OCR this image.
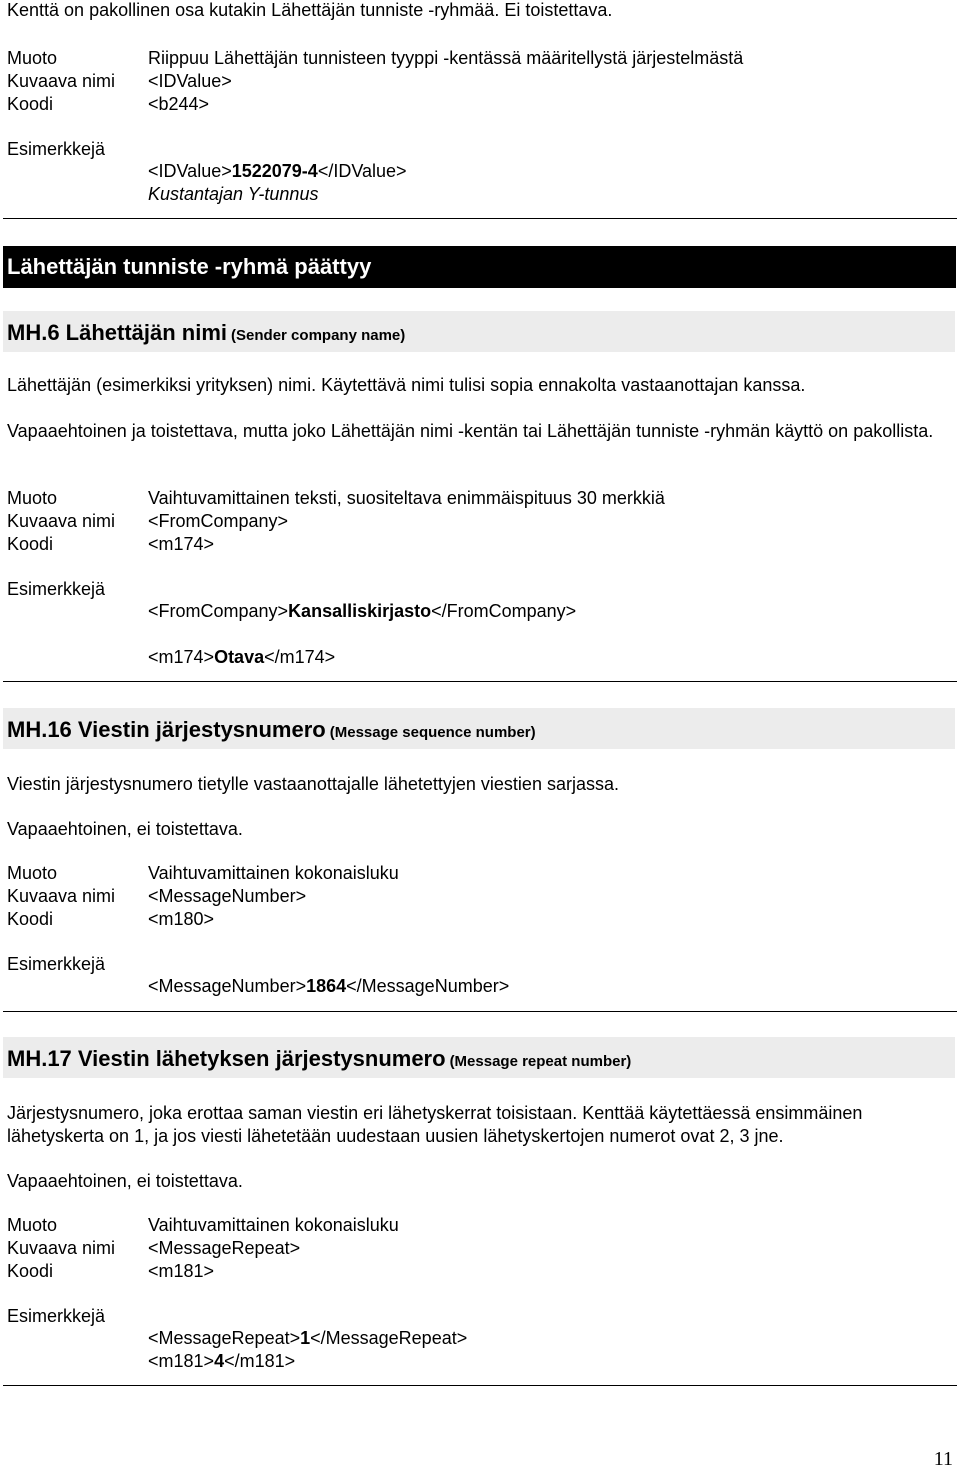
Kenttä on pakollinen osa kutakin Lähettäjän tunniste -ryhmää. Ei toistettava.
Muoto	Riippuu Lähettäjän tunnisteen tyyppi -kentässä määritellystä järjestelmästä
Kuvaava nimi <IDValue>
Koodi	<b244>
Esimerkkejä
<IDValue>1522079-4</IDValue>
Kustantajan Y-tunnus
Lähettäjän tunniste -ryhmä päättyy
MH.6 Lähettäjän nimi (Sender company name)
Lähettäjän (esimerkiksi yrityksen) nimi. Käytettävä nimi tulisi sopia ennakolta vastaanottajan kanssa.
Vapaaehtoinen ja toistettava, mutta joko Lähettäjän nimi -kentän tai Lähettäjän tunniste -ryhmän käyttö on pakollista.
Muoto	Vaihtuvamittainen teksti, suositeltava enimmäispituus 30 merkkiä
Kuvaava nimi <FromCompany>
Koodi	<m174>
Esimerkkejä
<FromCompany>Kansalliskirjasto</FromCompany>
<m174>Otava</m174>
MH.16 Viestin järjestysnumero (Message sequence number)
Viestin järjestysnumero tietylle vastaanottajalle lähetettyjen viestien sarjassa.
Vapaaehtoinen, ei toistettava.
Muoto	Vaihtuvamittainen kokonaisluku
Kuvaava nimi <MessageNumber>
Koodi	<m180>
Esimerkkejä
<MessageNumber>1864</MessageNumber>
MH.17 Viestin lähetyksen järjestysnumero (Message repeat number)
Järjestysnumero, joka erottaa saman viestin eri lähetyskerrat toisistaan. Kenttää käytettäessä ensimmäinen lähetyskerta on 1, ja jos viesti lähetetään uudestaan uusien lähetyskertojen numerot ovat 2, 3 jne.
Vapaaehtoinen, ei toistettava.
Muoto	Vaihtuvamittainen kokonaisluku
Kuvaava nimi <MessageRepeat>
Koodi	<m181>
Esimerkkejä
<MessageRepeat>1</MessageRepeat>
<m181>4</m181>
11
